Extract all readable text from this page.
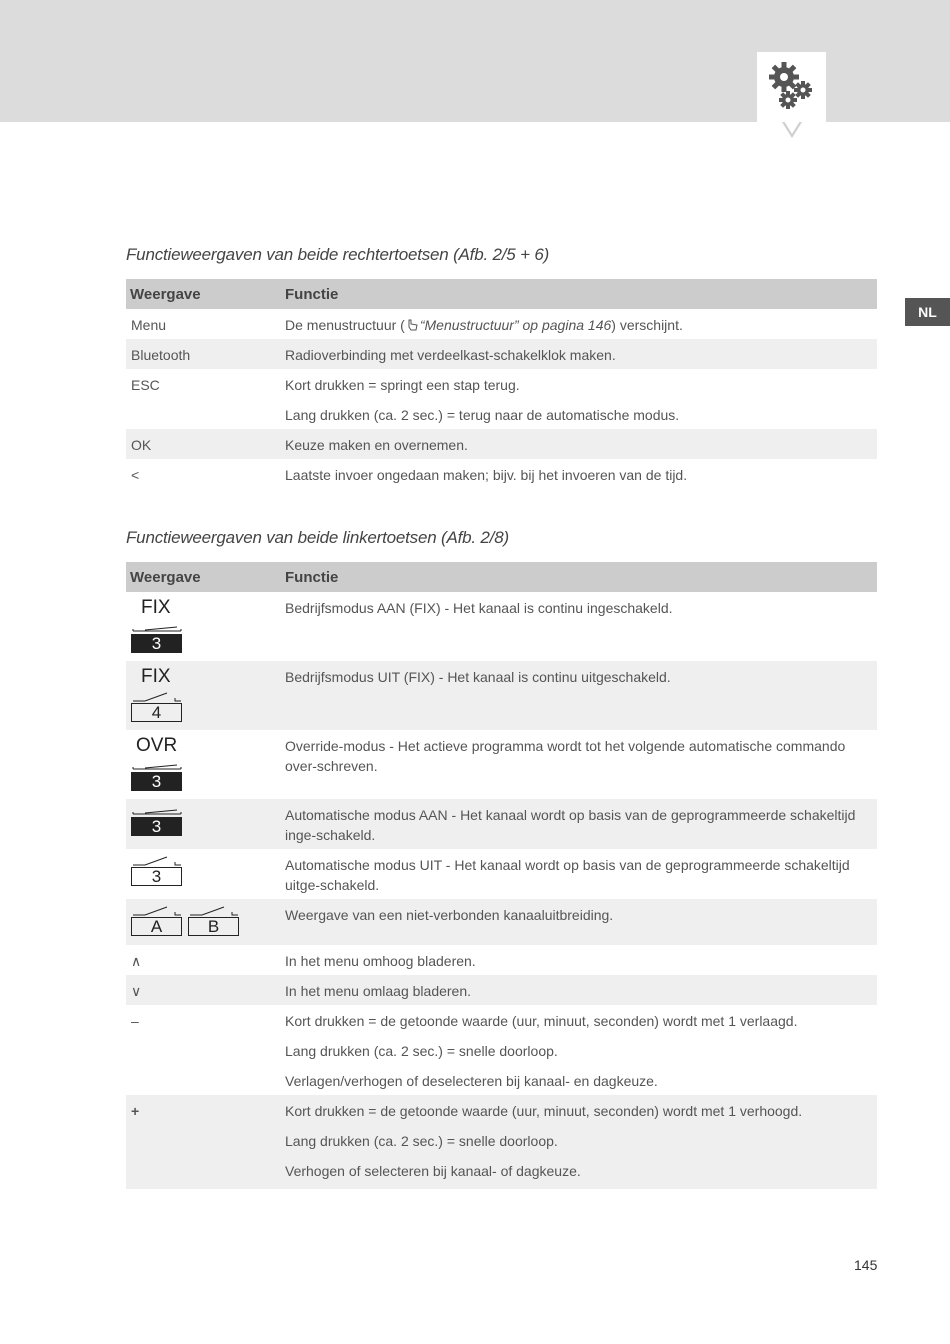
NL
Functieweergaven van beide rechtertoetsen (Afb. 2/5 + 6)
Weergave	Functie
Menu	De menustructuur ( “Menustructuur” op pagina 146) verschijnt.
Bluetooth	Radioverbinding met verdeelkast-schakelklok maken.
ESC	Kort drukken = springt een stap terug.
Lang drukken (ca. 2 sec.) = terug naar de automatische modus.

OK	Keuze maken en overnemen.
<	Laatste invoer ongedaan maken; bijv. bij het invoeren van de tijd.
Functieweergaven van beide linkertoetsen (Afb. 2/8)
Weergave	Functie

FIX
3	Bedrijfsmodus AAN (FIX) - Het kanaal is continu ingeschakeld.

FIX
4	Bedrijfsmodus UIT (FIX) - Het kanaal is continu uitgeschakeld.

OVR
3	Override-modus - Het actieve programma wordt tot het volgende automatische commando over-schreven.

3	Automatische modus AAN - Het kanaal wordt op basis van de geprogrammeerde schakeltijd inge-schakeld.

3	Automatische modus UIT - Het kanaal wordt op basis van de geprogrammeerde schakeltijd uitge-schakeld.

A B	Weergave van een niet-verbonden kanaaluitbreiding.
∧	In het menu omhoog bladeren.
∨	In het menu omlaag bladeren.
–	Kort drukken = de getoonde waarde (uur, minuut, seconden) wordt met 1 verlaagd.
Lang drukken (ca. 2 sec.) = snelle doorloop.
Verlagen/verhogen of deselecteren bij kanaal- en dagkeuze.

+	Kort drukken = de getoonde waarde (uur, minuut, seconden) wordt met 1 verhoogd.
Lang drukken (ca. 2 sec.) = snelle doorloop.
Verhogen of selecteren bij kanaal- of dagkeuze.
145
